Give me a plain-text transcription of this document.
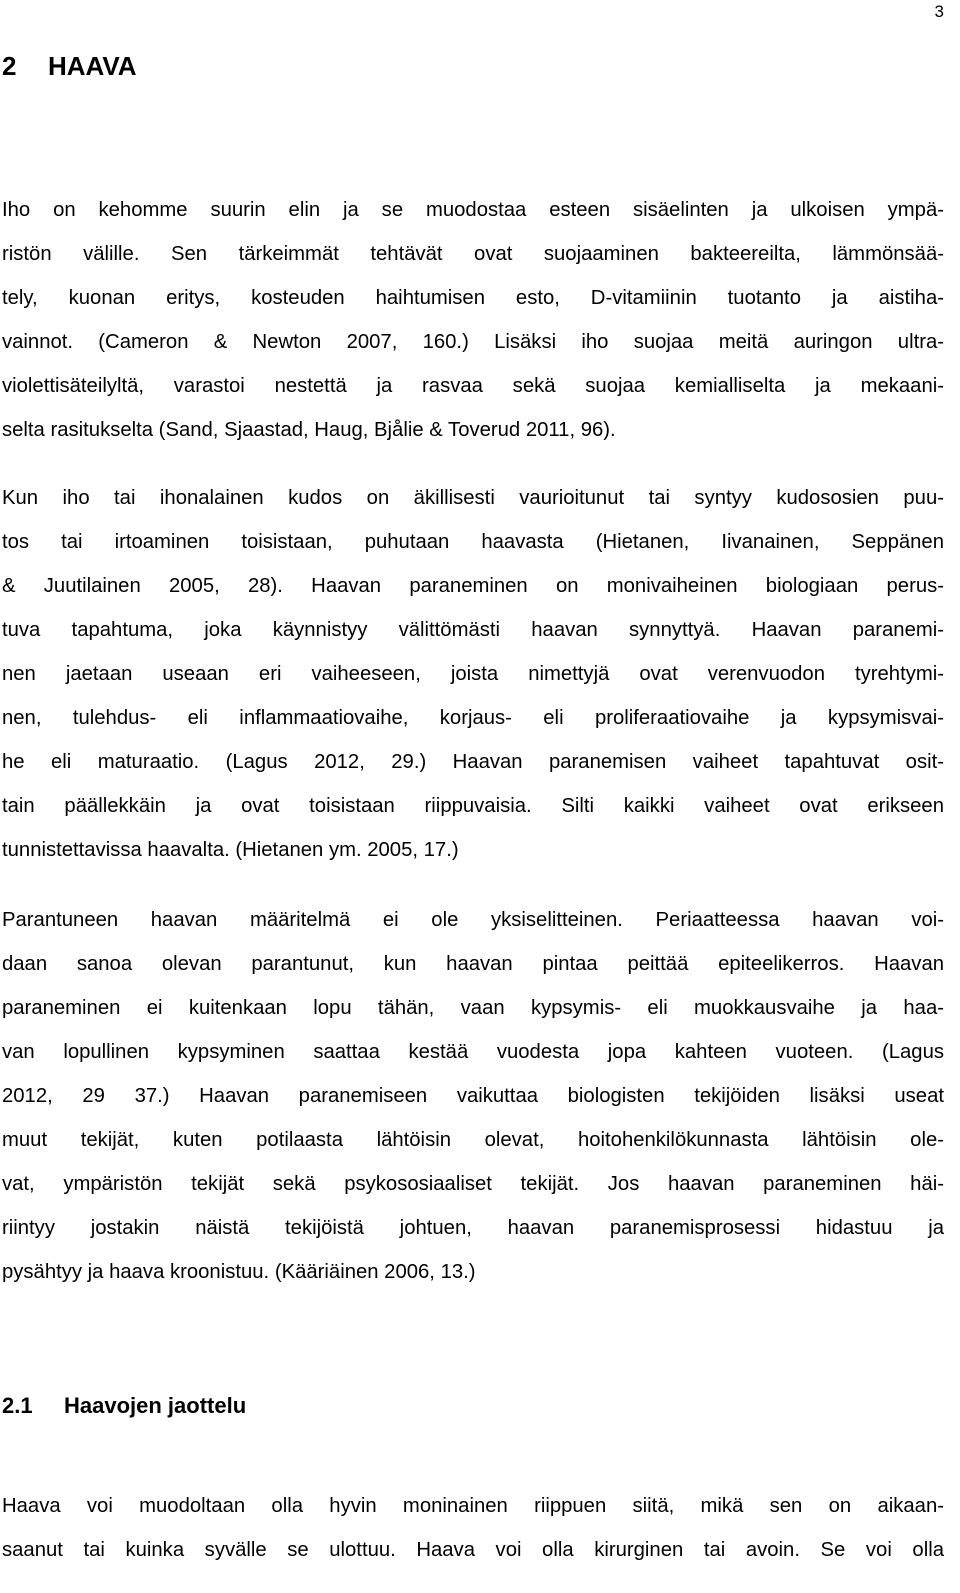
3
2 HAAVA
Iho on kehomme suurin elin ja se muodostaa esteen sisäelinten ja ulkoisen ympä-
ristön välille. Sen tärkeimmät tehtävät ovat suojaaminen bakteereilta, lämmönsää-
tely, kuonan eritys, kosteuden haihtumisen esto, D-vitamiinin tuotanto ja aistiha-
vainnot. (Cameron & Newton 2007, 160.) Lisäksi iho suojaa meitä auringon ultra-
violettisäteilyltä, varastoi nestettä ja rasvaa sekä suojaa kemialliselta ja mekaani-
selta rasitukselta (Sand, Sjaastad, Haug, Bjålie & Toverud 2011, 96).
Kun iho tai ihonalainen kudos on äkillisesti vaurioitunut tai syntyy kudososien puu-
tos tai irtoaminen toisistaan, puhutaan haavasta (Hietanen, Iivanainen, Seppänen
& Juutilainen 2005, 28). Haavan paraneminen on monivaiheinen biologiaan perus-
tuva tapahtuma, joka käynnistyy välittömästi haavan synnyttyä. Haavan paranemi-
nen jaetaan useaan eri vaiheeseen, joista nimettyjä ovat verenvuodon tyrehtymi-
nen, tulehdus- eli inflammaatiovaihe, korjaus- eli proliferaatiovaihe ja kypsymisvai-
he eli maturaatio. (Lagus 2012, 29.) Haavan paranemisen vaiheet tapahtuvat osit-
tain päällekkäin ja ovat toisistaan riippuvaisia. Silti kaikki vaiheet ovat erikseen
tunnistettavissa haavalta. (Hietanen ym. 2005, 17.)
Parantuneen haavan määritelmä ei ole yksiselitteinen. Periaatteessa haavan voi-
daan sanoa olevan parantunut, kun haavan pintaa peittää epiteelikerros. Haavan
paraneminen ei kuitenkaan lopu tähän, vaan kypsymis- eli muokkausvaihe ja haa-
van lopullinen kypsyminen saattaa kestää vuodesta jopa kahteen vuoteen. (Lagus
2012, 29 37.) Haavan paranemiseen vaikuttaa biologisten tekijöiden lisäksi useat
muut tekijät, kuten potilaasta lähtöisin olevat, hoitohenkilökunnasta lähtöisin ole-
vat, ympäristön tekijät sekä psykososiaaliset tekijät. Jos haavan paraneminen häi-
riintyy jostakin näistä tekijöistä johtuen, haavan paranemisprosessi hidastuu ja
pysähtyy ja haava kroonistuu. (Kääriäinen 2006, 13.)
2.1 Haavojen jaottelu
Haava voi muodoltaan olla hyvin moninainen riippuen siitä, mikä sen on aikaan-
saanut tai kuinka syvälle se ulottuu. Haava voi olla kirurginen tai avoin. Se voi olla
